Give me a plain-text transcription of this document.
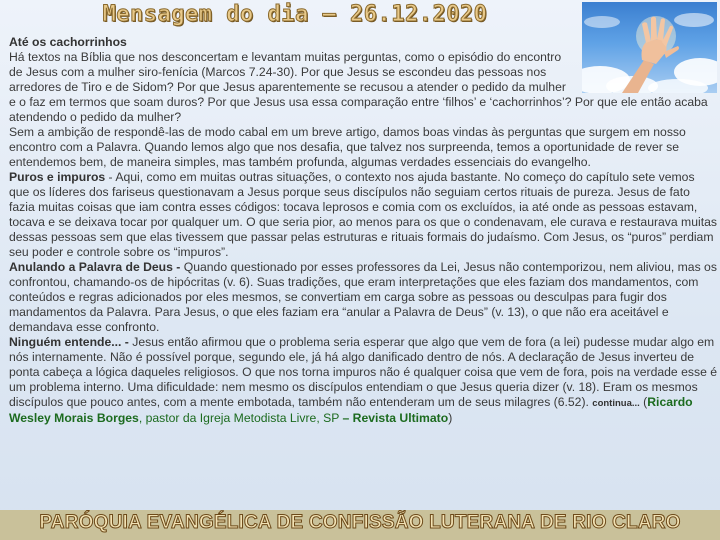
Mensagem do dia – 26.12.2020

Até os cachorrinhos

Há textos na Bíblia que nos desconcertam e levantam muitas perguntas, como o episódio do encontro de Jesus com a mulher siro-fenícia (Marcos 7.24-30). Por que Jesus se escondeu das pessoas nos arredores de Tiro e de Sidom? Por que Jesus aparentemente se recusou a atender o pedido da mulher e o faz em termos que soam duros? Por que Jesus usa essa comparação entre ‘filhos’ e ‘cachorrinhos’? Por que ele então acaba atendendo o pedido da mulher?

Sem a ambição de respondê-las de modo cabal em um breve artigo, damos boas vindas às perguntas que surgem em nosso encontro com a Palavra. Quando lemos algo que nos desafia, que talvez nos surpreenda, temos a oportunidade de rever se entendemos bem, de maneira simples, mas também profunda, algumas verdades essenciais do evangelho.

Puros e impuros - Aqui, como em muitas outras situações, o contexto nos ajuda bastante. No começo do capítulo sete vemos que os líderes dos fariseus questionavam a Jesus porque seus discípulos não seguiam certos rituais de pureza. Jesus de fato fazia muitas coisas que iam contra esses códigos: tocava leprosos e comia com os excluídos, ia até onde as pessoas estavam, tocava e se deixava tocar por qualquer um. O que seria pior, ao menos para os que o condenavam, ele curava e restaurava muitas dessas pessoas sem que elas tivessem que passar pelas estruturas e rituais formais do judaísmo. Com Jesus, os “puros” perdiam seu poder e controle sobre os “impuros”.

Anulando a Palavra de Deus - Quando questionado por esses professores da Lei, Jesus não contemporizou, nem aliviou, mas os confrontou, chamando-os de hipócritas (v. 6). Suas tradições, que eram interpretações que eles faziam dos mandamentos, com conteúdos e regras adicionados por eles mesmos, se convertiam em carga sobre as pessoas ou desculpas para fugir dos mandamentos da Palavra. Para Jesus, o que eles faziam era “anular a Palavra de Deus” (v. 13), o que não era aceitável e demandava esse confronto.

Ninguém entende... - Jesus então afirmou que o problema seria esperar que algo que vem de fora (a lei) pudesse mudar algo em nós internamente. Não é possível porque, segundo ele, já há algo danificado dentro de nós. A declaração de Jesus inverteu de ponta cabeça a lógica daqueles religiosos. O que nos torna impuros não é qualquer coisa que vem de fora, pois na verdade esse é um problema interno. Uma dificuldade: nem mesmo os discípulos entendiam o que Jesus queria dizer (v. 18). Eram os mesmos discípulos que pouco antes, com a mente embotada, também não entenderam um de seus milagres (6.52). continua... (Ricardo Wesley Morais Borges, pastor da Igreja Metodista Livre, SP – Revista Ultimato)

PARÓQUIA EVANGÉLICA DE CONFISSÃO LUTERANA DE RIO CLARO
